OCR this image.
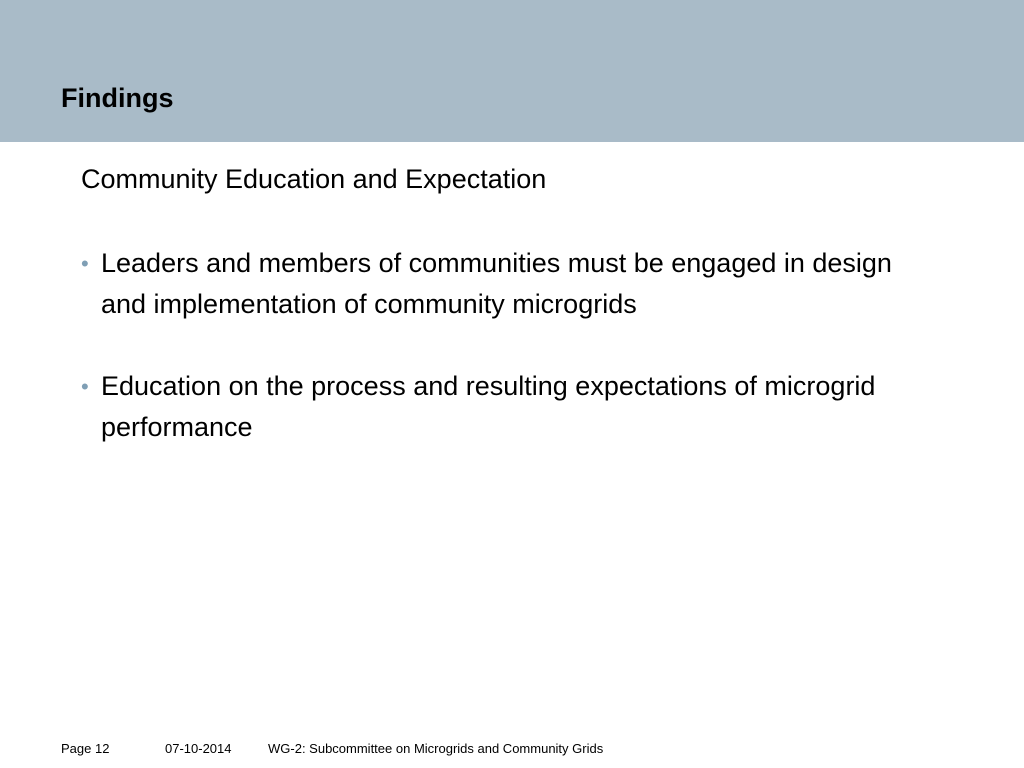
Findings
Community Education and Expectation
• Leaders and members of communities must be engaged in design and implementation of community microgrids
• Education on the process and resulting expectations of microgrid performance
Page 12	07-10-2014	WG-2: Subcommittee on Microgrids and Community Grids
